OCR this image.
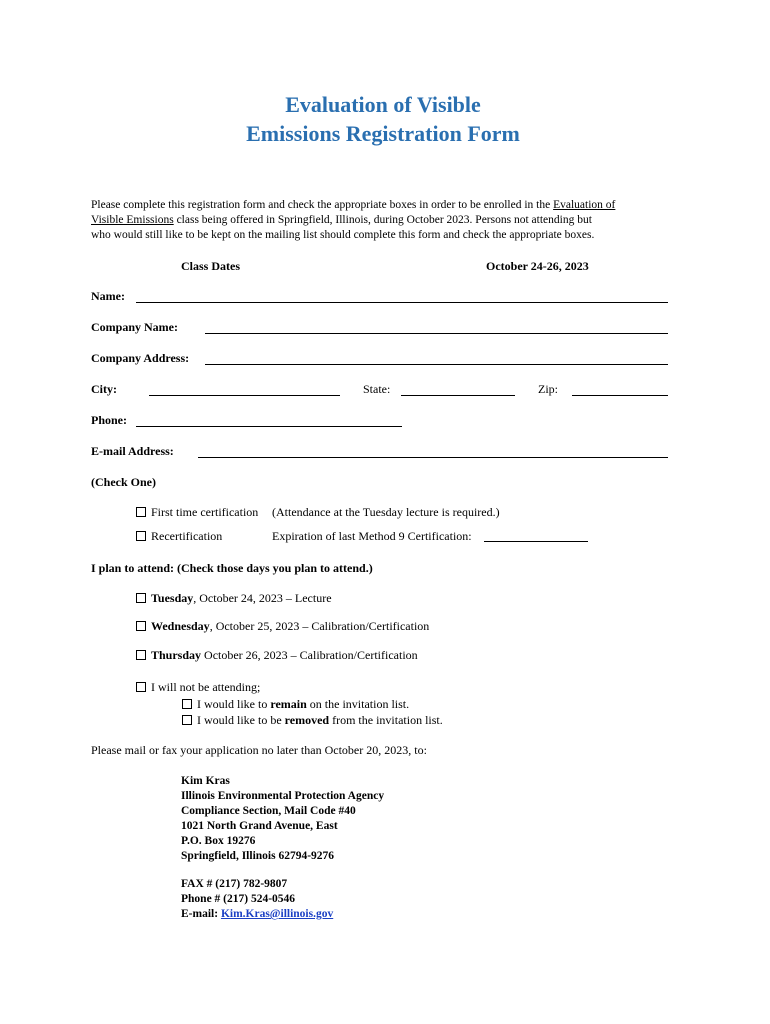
Evaluation of Visible
Emissions Registration Form
Please complete this registration form and check the appropriate boxes in order to be enrolled in the Evaluation of
Visible Emissions class being offered in Springfield, Illinois, during October 2023. Persons not attending but
who would still like to be kept on the mailing list should complete this form and check the appropriate boxes.
Class Dates	October 24-26, 2023
Name:
Company Name:
Company Address:
City:	State:	Zip:
Phone:
E-mail Address:
(Check One)
First time certification (Attendance at the Tuesday lecture is required.)
Recertification	Expiration of last Method 9 Certification:
I plan to attend: (Check those days you plan to attend.)
Tuesday, October 24, 2023 – Lecture
Wednesday, October 25, 2023 – Calibration/Certification
Thursday October 26, 2023 – Calibration/Certification
I will not be attending;
I would like to remain on the invitation list.
I would like to be removed from the invitation list.
Please mail or fax your application no later than October 20, 2023, to:
Kim Kras
Illinois Environmental Protection Agency
Compliance Section, Mail Code #40
1021 North Grand Avenue, East
P.O. Box 19276
Springfield, Illinois 62794-9276
FAX # (217) 782-9807
Phone # (217) 524-0546
E-mail: Kim.Kras@illinois.gov
